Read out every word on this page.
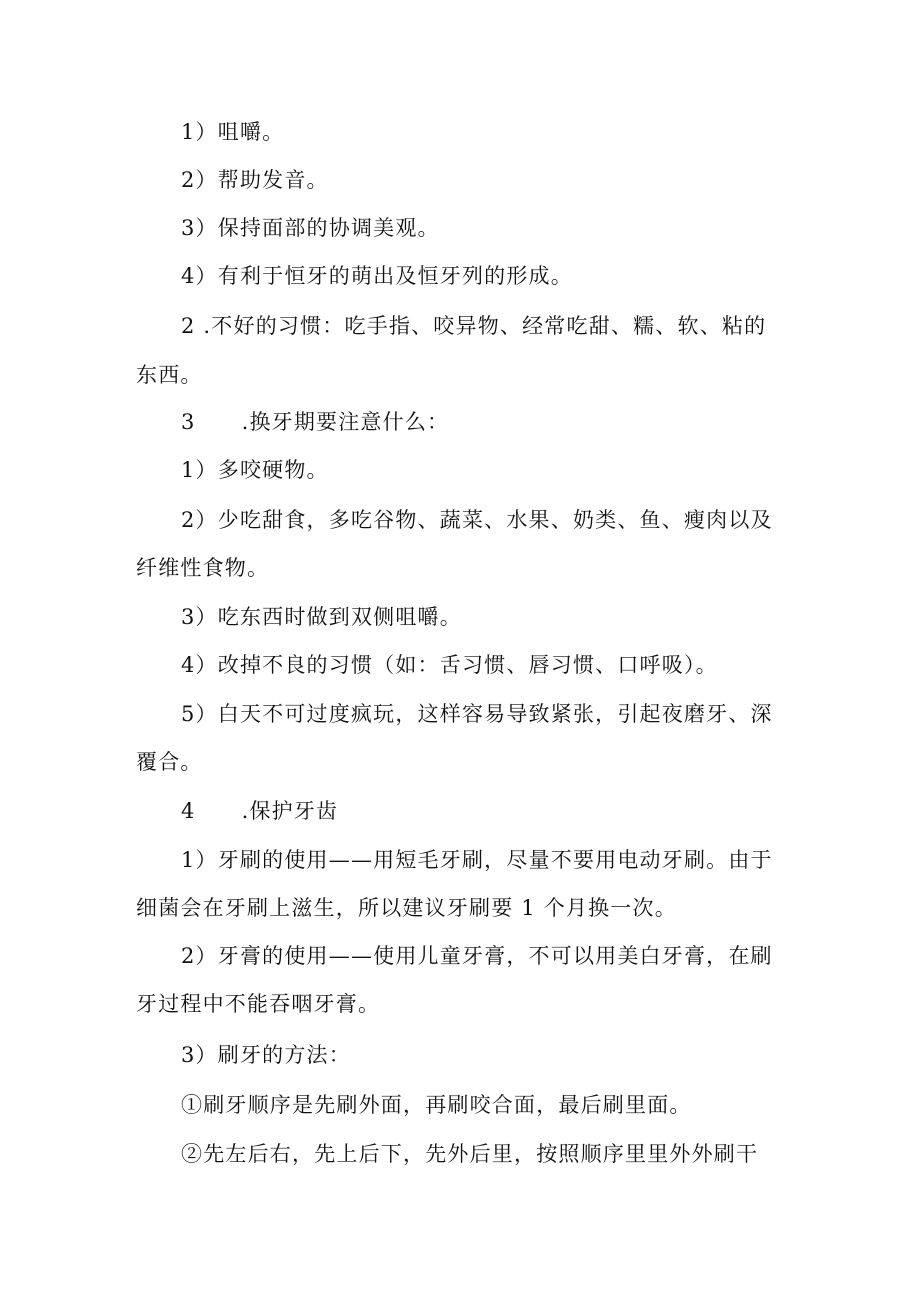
1）咀嚼。
2）帮助发音。
3）保持面部的协调美观。
4）有利于恒牙的萌出及恒牙列的形成。
2 .不好的习惯：吃手指、咬异物、经常吃甜、糯、软、粘的
东西。
3 .换牙期要注意什么：
1）多咬硬物。
2）少吃甜食，多吃谷物、蔬菜、水果、奶类、鱼、瘦肉以及
纤维性食物。
3）吃东西时做到双侧咀嚼。
4）改掉不良的习惯（如：舌习惯、唇习惯、口呼吸）。
5）白天不可过度疯玩，这样容易导致紧张，引起夜磨牙、深
覆合。
4 .保护牙齿
1）牙刷的使用——用短毛牙刷，尽量不要用电动牙刷。由于
细菌会在牙刷上滋生，所以建议牙刷要 1 个月换一次。
2）牙膏的使用——使用儿童牙膏，不可以用美白牙膏，在刷
牙过程中不能吞咽牙膏。
3）刷牙的方法：
①刷牙顺序是先刷外面，再刷咬合面，最后刷里面。
②先左后右，先上后下，先外后里，按照顺序里里外外刷干
